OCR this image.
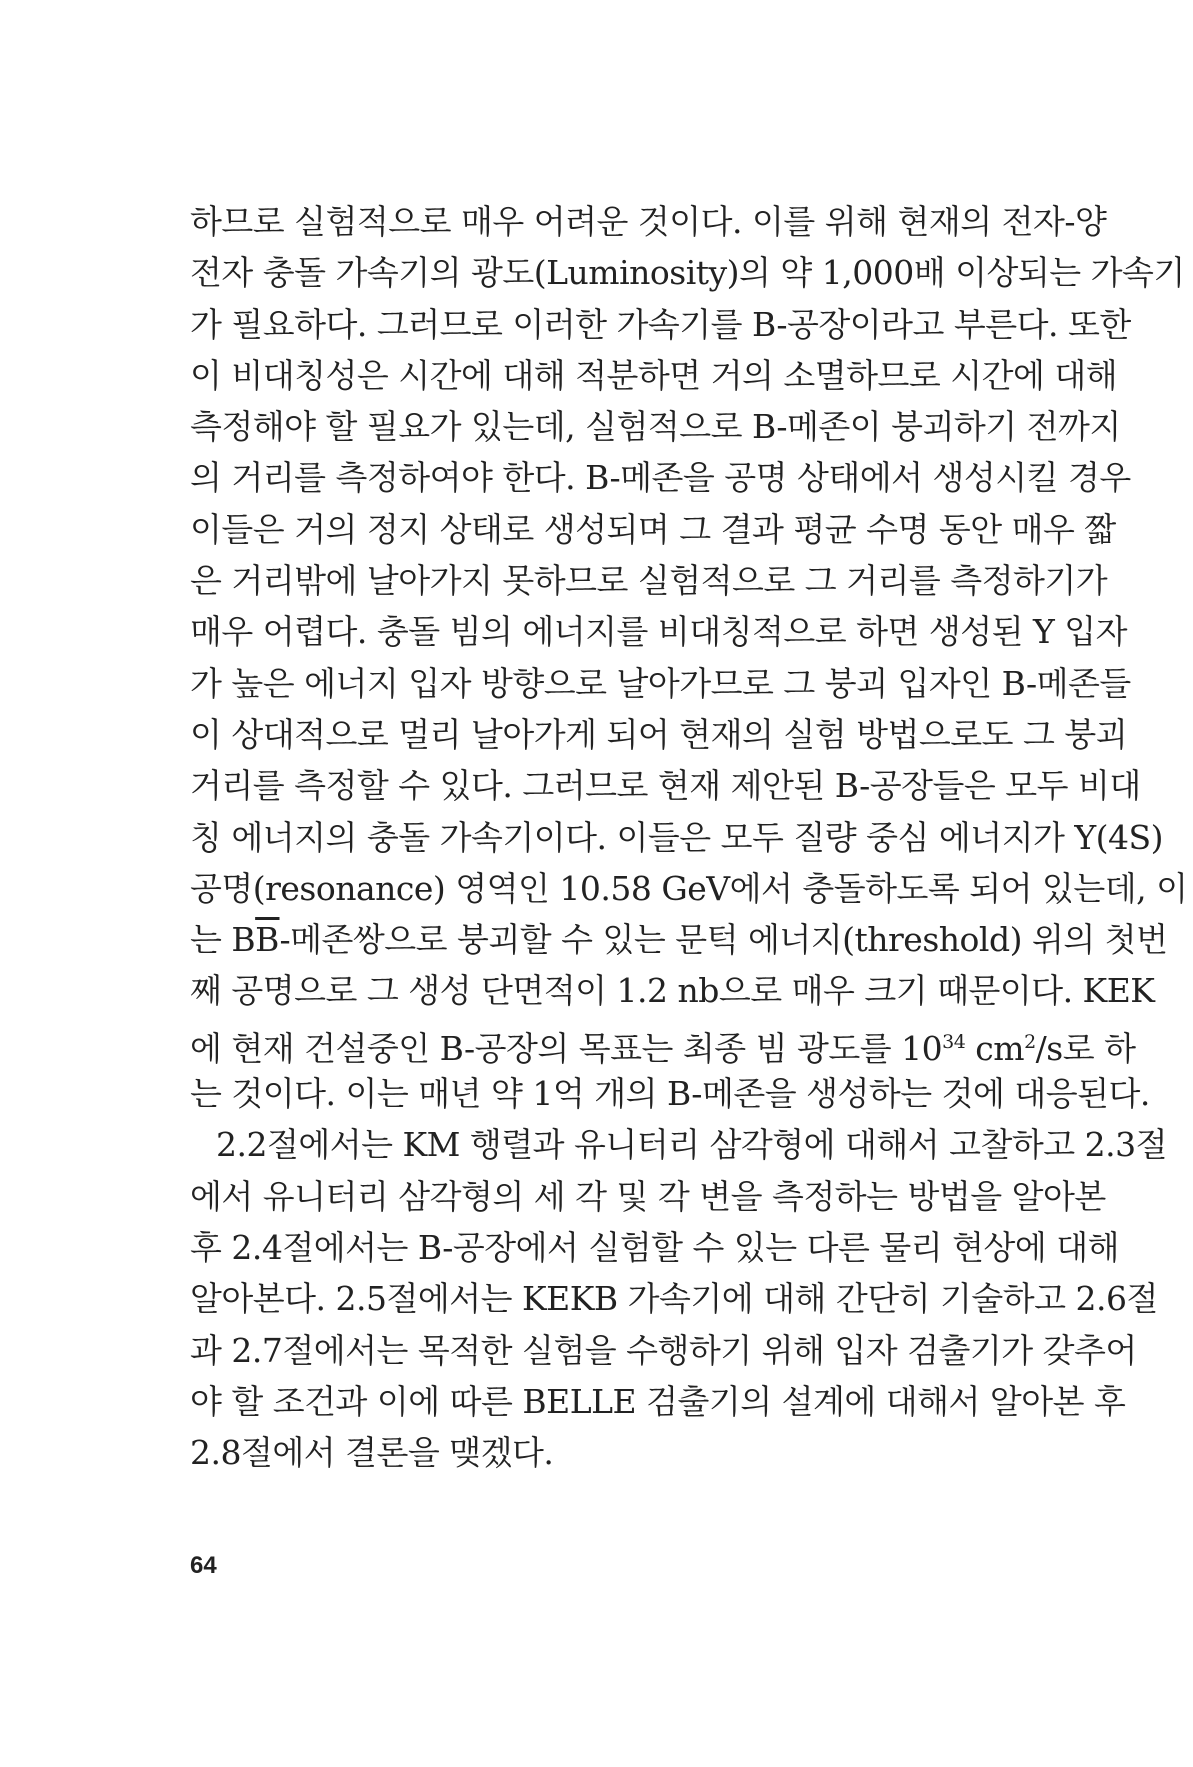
하므로 실험적으로 매우 어려운 것이다. 이를 위해 현재의 전자-양
전자 충돌 가속기의 광도(Luminosity)의 약 1,000배 이상되는 가속기
가 필요하다. 그러므로 이러한 가속기를 B-공장이라고 부른다. 또한
이 비대칭성은 시간에 대해 적분하면 거의 소멸하므로 시간에 대해
측정해야 할 필요가 있는데, 실험적으로 B-메존이 붕괴하기 전까지
의 거리를 측정하여야 한다. B-메존을 공명 상태에서 생성시킬 경우
이들은 거의 정지 상태로 생성되며 그 결과 평균 수명 동안 매우 짧
은 거리밖에 날아가지 못하므로 실험적으로 그 거리를 측정하기가
매우 어렵다. 충돌 빔의 에너지를 비대칭적으로 하면 생성된 Υ 입자
가 높은 에너지 입자 방향으로 날아가므로 그 붕괴 입자인 B-메존들
이 상대적으로 멀리 날아가게 되어 현재의 실험 방법으로도 그 붕괴
거리를 측정할 수 있다. 그러므로 현재 제안된 B-공장들은 모두 비대
칭 에너지의 충돌 가속기이다. 이들은 모두 질량 중심 에너지가 Υ(4S)
공명(resonance) 영역인 10.58 GeV에서 충돌하도록 되어 있는데, 이
는 $B\overline{B}-$메존쌍으로 붕괴할 수 있는 문턱 에너지(threshold) 위의 첫번
째 공명으로 그 생성 단면적이 1.2 nb으로 매우 크기 때문이다. KEK
에 현재 건설중인 B-공장의 목표는 최종 빔 광도를 $10^{34}$ $cm^2/s$로 하
는 것이다. 이는 매년 약 1억 개의 B-메존을 생성하는 것에 대응된다.
2.2절에서는 KM 행렬과 유니터리 삼각형에 대해서 고찰하고 2.3절
에서 유니터리 삼각형의 세 각 및 각 변을 측정하는 방법을 알아본
후 2.4절에서는 B-공장에서 실험할 수 있는 다른 물리 현상에 대해
알아본다. 2.5절에서는 KEKB 가속기에 대해 간단히 기술하고 2.6절
과 2.7절에서는 목적한 실험을 수행하기 위해 입자 검출기가 갖추어
야 할 조건과 이에 따른 BELLE 검출기의 설계에 대해서 알아본 후
2.8절에서 결론을 맺겠다.
64
